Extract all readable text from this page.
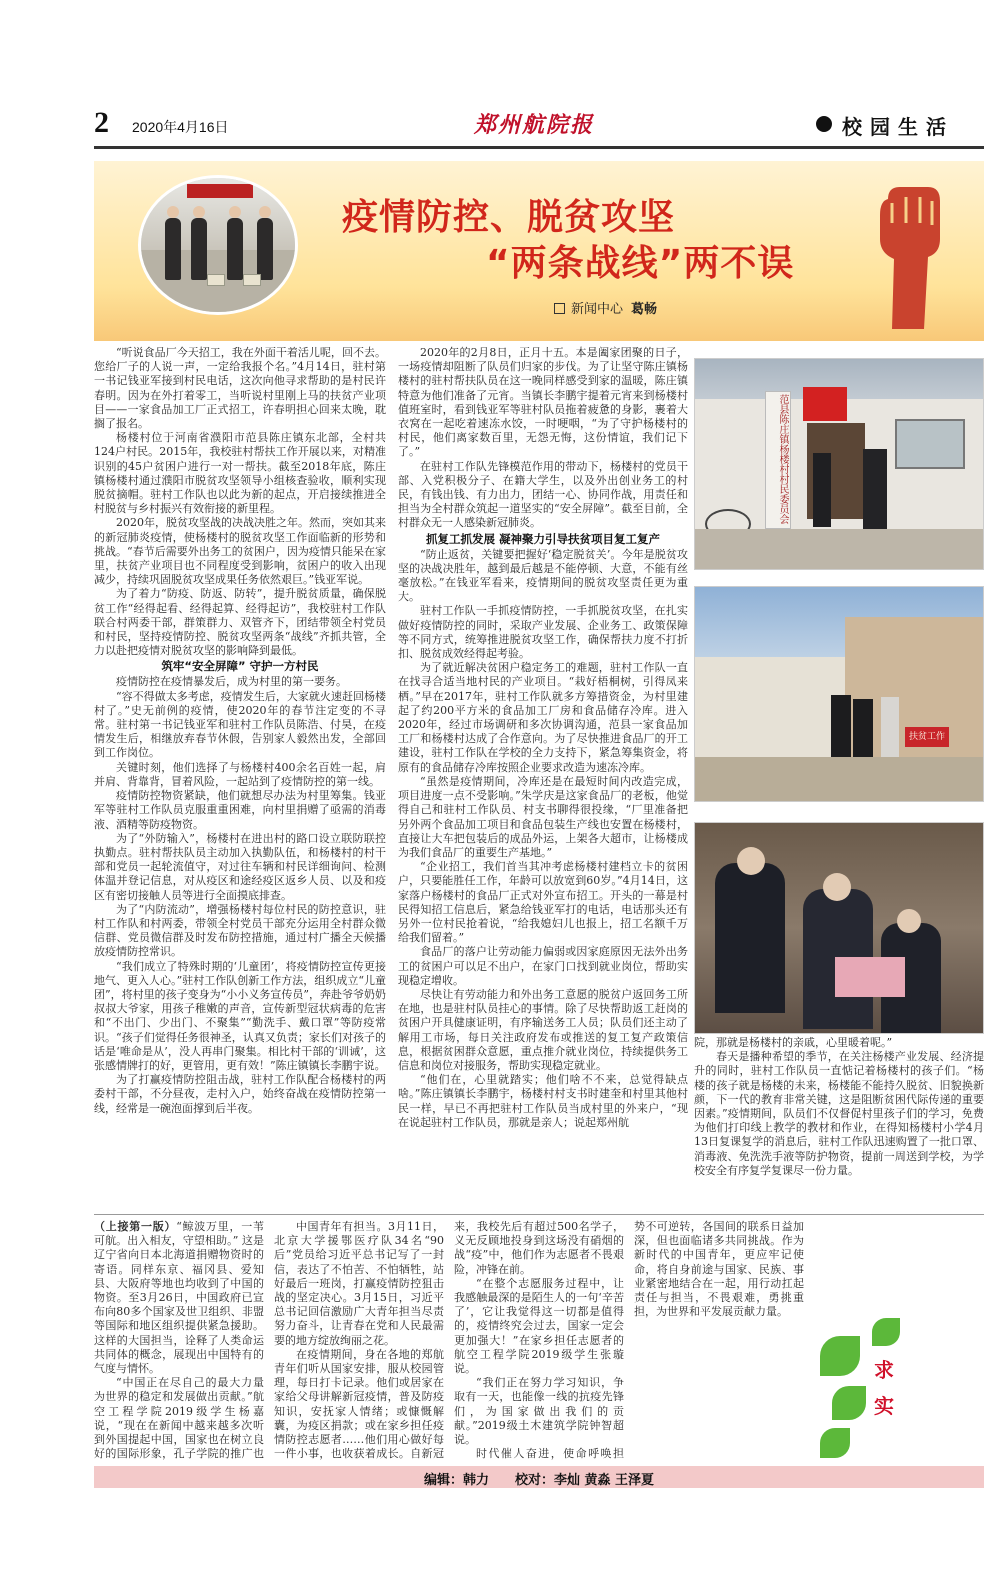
2 2020年4月16日	郑州航院报	校园生活
疫情防控、脱贫攻坚
“两条战线”两不误
新闻中心 葛畅

“听说食品厂今天招工，我在外面干着活儿呢，回不去。您给厂子的人说一声，一定给我报个名。”4月14日，驻村第一书记钱亚军接到村民电话，这次向他寻求帮助的是村民许春明。因为在外打着零工，当听说村里刚上马的扶贫产业项目——一家食品加工厂正式招工，许春明担心回来太晚，耽搁了报名。

杨楼村位于河南省濮阳市范县陈庄镇东北部，全村共124户村民。2015年，我校驻村帮扶工作开展以来，对精准识别的45户贫困户进行一对一帮扶。截至2018年底，陈庄镇杨楼村通过濮阳市脱贫攻坚领导小组核查验收，顺利实现脱贫摘帽。驻村工作队也以此为新的起点，开启接续推进全村脱贫与乡村振兴有效衔接的新里程。

2020年，脱贫攻坚战的决战决胜之年。然而，突如其来的新冠肺炎疫情，使杨楼村的脱贫攻坚工作面临新的形势和挑战。“春节后需要外出务工的贫困户，因为疫情只能呆在家里，扶贫产业项目也不同程度受到影响，贫困户的收入出现减少，持续巩固脱贫攻坚成果任务依然艰巨。”钱亚军说。

为了着力“防疫、防返、防转”，提升脱贫质量，确保脱贫工作“经得起看、经得起算、经得起访”，我校驻村工作队联合村两委干部，群策群力、双管齐下，团结带领全村党员和村民，坚持疫情防控、脱贫攻坚两条“战线”齐抓共管，全力以赴把疫情对脱贫攻坚的影响降到最低。

筑牢“安全屏障” 守护一方村民

疫情防控在疫情暴发后，成为村里的第一要务。

“容不得做太多考虑，疫情发生后，大家就火速赶回杨楼村了。”史无前例的疫情，使2020年的春节注定变的不寻常。驻村第一书记钱亚军和驻村工作队员陈浩、付昊，在疫情发生后，相继放弃春节休假，告别家人毅然出发，全部回到工作岗位。

关键时刻，他们选择了与杨楼村400余名百姓一起，肩并肩、背靠背，冒着风险，一起站到了疫情防控的第一线。

疫情防控物资紧缺，他们就想尽办法为村里筹集。钱亚军等驻村工作队员克服重重困难，向村里捐赠了亟需的消毒液、酒精等防疫物资。

为了“外防输入”，杨楼村在进出村的路口设立联防联控执勤点。驻村帮扶队员主动加入执勤队伍，和杨楼村的村干部和党员一起轮流值守，对过往车辆和村民详细询问、检测体温并登记信息，对从疫区和途经疫区返乡人员、以及和疫区有密切接触人员等进行全面摸底排查。

为了“内防流动”，增强杨楼村每位村民的防控意识，驻村工作队和村两委，带领全村党员干部充分运用全村群众微信群、党员微信群及时发布防控措施，通过村广播全天候播放疫情防控常识。

“我们成立了特殊时期的‘儿童团’，将疫情防控宣传更接地气、更入人心。”驻村工作队创新工作方法，组织成立“儿童团”，将村里的孩子变身为“小小义务宣传员”，奔赴爷爷奶奶叔叔大爷家，用孩子稚嫩的声音，宣传新型冠状病毒的危害和“不出门、少出门、不聚集”“勤洗手、戴口罩”等防疫常识。“孩子们觉得任务很神圣，认真又负责；家长们对孩子的话是‘唯命是从’，没人再串门聚集。相比村干部的‘训诫’，这张感情牌打的好，更管用，更有效！”陈庄镇镇长李鹏宇说。

为了打赢疫情防控阻击战，驻村工作队配合杨楼村的两委村干部，不分昼夜，走村入户，始终奋战在疫情防控第一线，经常是一碗泡面撑到后半夜。

2020年的2月8日，正月十五。本是阖家团聚的日子，一场疫情却阻断了队员们归家的步伐。为了让坚守陈庄镇杨楼村的驻村帮扶队员在这一晚同样感受到家的温暖，陈庄镇特意为他们准备了元宵。当镇长李鹏宇提着元宵来到杨楼村值班室时，看到钱亚军等驻村队员拖着疲惫的身影，裹着大衣窝在一起吃着速冻水饺，一时哽咽，“为了守护杨楼村的村民，他们离家数百里，无怨无悔，这份情谊，我们记下了。”

在驻村工作队先锋模范作用的带动下，杨楼村的党员干部、入党积极分子、在籍大学生，以及外出创业务工的村民，有钱出钱、有力出力，团结一心、协同作战，用责任和担当为全村群众筑起一道坚实的“安全屏障”。截至目前，全村群众无一人感染新冠肺炎。

抓复工抓发展 凝神聚力引导扶贫项目复工复产

“防止返贫，关键要把握好‘稳定脱贫关’。今年是脱贫攻坚的决战决胜年，越到最后越是不能停顿、大意，不能有丝毫放松。”在钱亚军看来，疫情期间的脱贫攻坚责任更为重大。

驻村工作队一手抓疫情防控，一手抓脱贫攻坚，在扎实做好疫情防控的同时，采取产业发展、企业务工、政策保障等不同方式，统筹推进脱贫攻坚工作，确保帮扶力度不打折扣、脱贫成效经得起考验。

为了就近解决贫困户稳定务工的难题，驻村工作队一直在找寻合适当地村民的产业项目。“栽好梧桐树，引得凤来栖。”早在2017年，驻村工作队就多方筹措资金，为村里建起了约200平方米的食品加工厂房和食品储存冷库。进入2020年，经过市场调研和多次协调沟通，范县一家食品加工厂和杨楼村达成了合作意向。为了尽快推进食品厂的开工建设，驻村工作队在学校的全力支持下，紧急筹集资金，将原有的食品储存冷库按照企业要求改造为速冻冷库。

“虽然是疫情期间，冷库还是在最短时间内改造完成，项目进度一点不受影响。”朱学庆是这家食品厂的老板，他觉得自己和驻村工作队员、村支书聊得很投缘，“厂里准备把另外两个食品加工项目和食品包装生产线也安置在杨楼村，直接让大车把包装后的成品外运，上架各大超市，让杨楼成为我们食品厂的重要生产基地。”

“企业招工，我们首当其冲考虑杨楼村建档立卡的贫困户，只要能胜任工作，年龄可以放宽到60岁。”4月14日，这家落户杨楼村的食品厂正式对外宣布招工。开头的一幕是村民得知招工信息后，紧急给钱亚军打的电话，电话那头还有另外一位村民抢着说，“给我媳妇儿也报上，招工名额千万给我们留着。”

食品厂的落户让劳动能力偏弱或因家庭原因无法外出务工的贫困户可以足不出户，在家门口找到就业岗位，帮助实现稳定增收。

尽快让有劳动能力和外出务工意愿的脱贫户返回务工所在地，也是驻村队员挂心的事情。除了尽快帮助返工赶岗的贫困户开具健康证明，有序输送务工人员；队员们还主动了解用工市场，每日关注政府发布或推送的复工复产政策信息，根据贫困群众意愿，重点推介就业岗位，持续提供务工信息和岗位对接服务，帮助实现稳定就业。

“他们在，心里就踏实；他们啥不不来，总觉得缺点啥。”陈庄镇镇长李鹏宇，杨楼村村支书时建奎和村里其他村民一样，早已不再把驻村工作队员当成村里的外来户，“现在说起驻村工作队员，那就是亲人；说起郑州航

范县陈庄镇杨楼村村民委员会
扶贫工作

院，那就是杨楼村的亲戚，心里暖着呢。”

春天是播种希望的季节，在关注杨楼产业发展、经济提升的同时，驻村工作队员一直惦记着杨楼村的孩子们。“杨楼的孩子就是杨楼的未来，杨楼能不能持久脱贫、旧貌换新颜，下一代的教育非常关键，这是阻断贫困代际传递的重要因素。”疫情期间，队员们不仅督促村里孩子们的学习，免费为他们打印线上教学的教材和作业，在得知杨楼村小学4月13日复课复学的消息后，驻村工作队迅速购置了一批口罩、消毒液、免洗洗手液等防护物资，提前一周送到学校，为学校安全有序复学复课尽一份力量。

（上接第一版）“鲸波万里，一苇可航。出入相友，守望相助。” 这是辽宁省向日本北海道捐赠物资时的寄语。同样东京、福冈县、爱知县、大阪府等地也均收到了中国的物资。至3月26日，中国政府已宣布向80多个国家及世卫组织、非盟等国际和地区组织提供紧急援助。这样的大国担当，诠释了人类命运共同体的概念，展现出中国特有的气度与情怀。

“中国正在尽自己的最大力量为世界的稳定和发展做出贡献。”航空工程学院2019级学生杨嘉说，“现在在新闻中越来越多次听到外国提起中国，国家也在树立良好的国际形象，孔子学院的推广也

中国青年有担当。3月11日，北京大学援鄂医疗队34名“90后”党员给习近平总书记写了一封信，表达了不怕苦、不怕牺牲，站好最后一班岗，打赢疫情防控狙击战的坚定决心。3月15日，习近平总书记回信激励广大青年担当尽责努力奋斗，让青春在党和人民最需要的地方绽放绚丽之花。

在疫情期间，身在各地的郑航青年们听从国家安排，服从校园管理，每日打卡记录。他们或居家在家给父母讲解新冠疫情，普及防疫知识，安抚家人情绪；或慷慨解囊，为疫区捐款；或在家乡担任疫情防控志愿者……他们用心做好每一件小事，也收获着成长。自新冠

来，我校先后有超过500名学子，义无反顾地投身到这场没有硝烟的战“疫”中，他们作为志愿者不畏艰险，冲锋在前。

“在整个志愿服务过程中，让我感触最深的是陌生人的一句‘辛苦了’，它让我觉得这一切都是值得的，疫情终究会过去，国家一定会更加强大！”在家乡担任志愿者的航空工程学院2019级学生张璇说。

“我们正在努力学习知识，争取有一天，也能像一线的抗疫先锋们，为国家做出我们的贡献。”2019级土木建筑学院钟智超说。

时代催人奋进，使命呼唤担

势不可逆转，各国间的联系日益加深，但也面临诸多共同挑战。作为新时代的中国青年，更应牢记使命，将自身前途与国家、民族、事业紧密地结合在一起，用行动扛起责任与担当，不畏艰难，勇挑重担，为世界和平发展贡献力量。

求
实
编辑：韩力　　校对：李灿 黄淼 王泽夏
